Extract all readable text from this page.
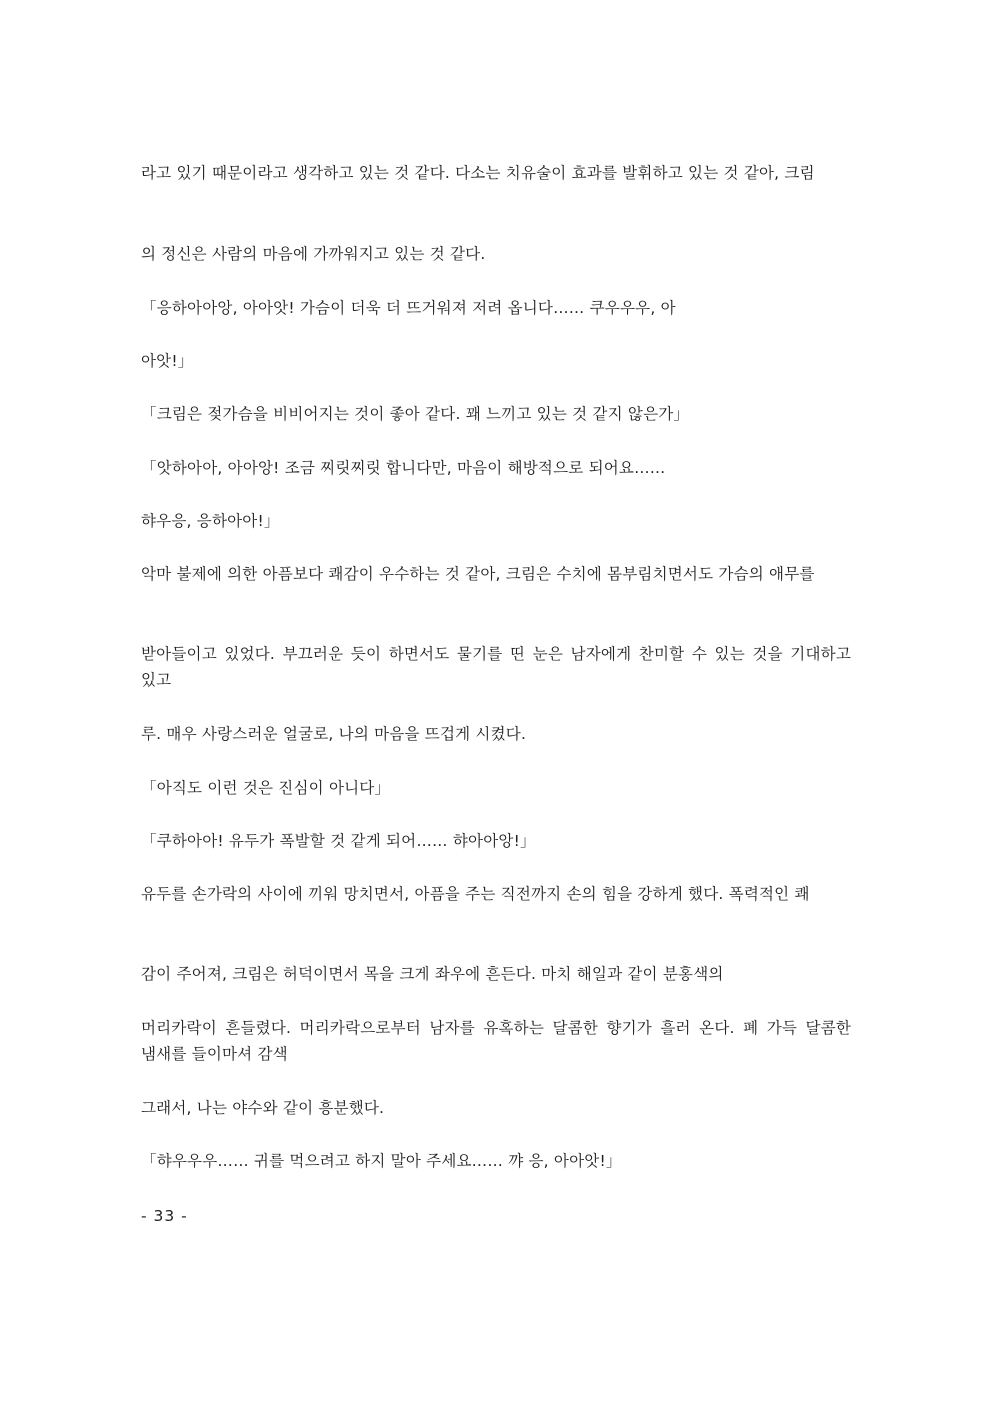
라고 있기 때문이라고 생각하고 있는 것 같다. 다소는 치유술이 효과를 발휘하고 있는 것 같아, 크림

의 정신은 사람의 마음에 가까워지고 있는 것 같다.

「응하아아앙, 아아앗! 가슴이 더욱 더 뜨거워져 저려 옵니다…… 쿠우우우, 아

아앗!」

「크림은 젖가슴을 비비어지는 것이 좋아 같다. 꽤 느끼고 있는 것 같지 않은가」

「앗하아아, 아아앙! 조금 찌릿찌릿 합니다만, 마음이 해방적으로 되어요……

햐우응, 응하아아!」

악마 불제에 의한 아픔보다 쾌감이 우수하는 것 같아, 크림은 수치에 몸부림치면서도 가슴의 애무를

받아들이고 있었다. 부끄러운 듯이 하면서도 물기를 띤 눈은 남자에게 찬미할 수 있는 것을 기대하고 있고

루. 매우 사랑스러운 얼굴로, 나의 마음을 뜨겁게 시켰다.

「아직도 이런 것은 진심이 아니다」

「쿠하아아! 유두가 폭발할 것 같게 되어…… 햐아아앙!」

유두를 손가락의 사이에 끼워 망치면서, 아픔을 주는 직전까지 손의 힘을 강하게 했다. 폭력적인 쾌

감이 주어져, 크림은 허덕이면서 목을 크게 좌우에 흔든다. 마치 해일과 같이 분홍색의

머리카락이 흔들렸다. 머리카락으로부터 남자를 유혹하는 달콤한 향기가 흘러 온다. 폐 가득 달콤한 냄새를 들이마셔 감색

그래서, 나는 야수와 같이 흥분했다.

「햐우우우…… 귀를 먹으려고 하지 말아 주세요…… 꺄 응, 아아앗!」

- 33 -
